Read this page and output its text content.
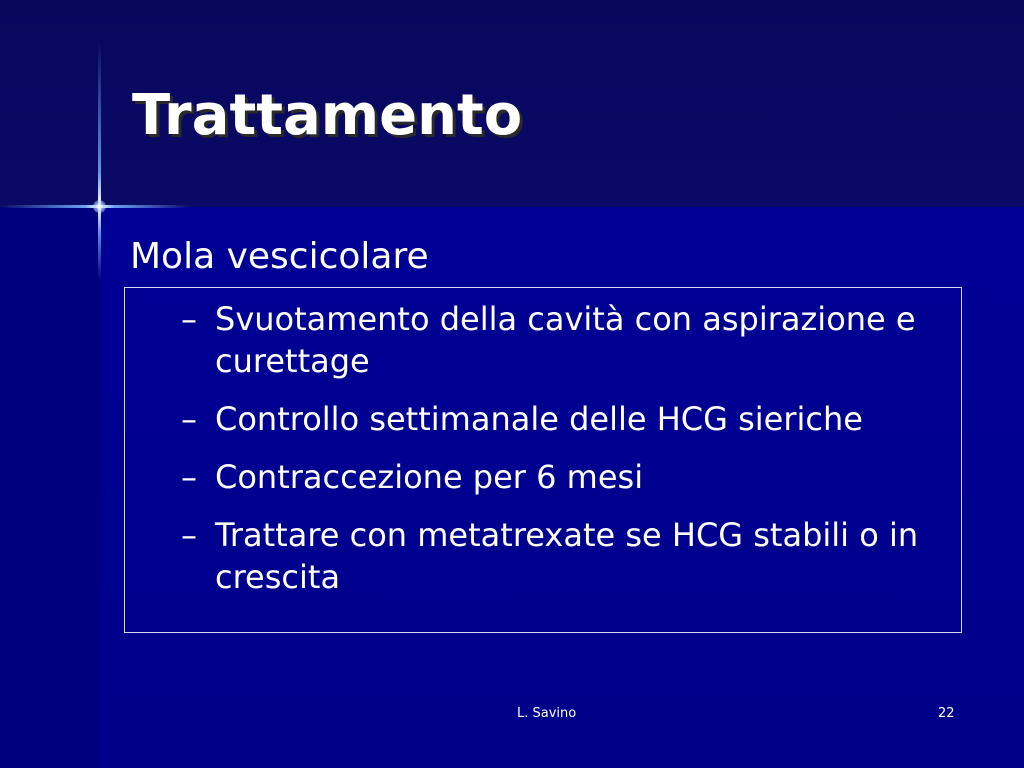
Trattamento

Mola vescicolare

– Svuotamento della cavità con aspirazione e curettage
– Controllo settimanale delle HCG sieriche
– Contraccezione per 6 mesi
– Trattare con metatrexate se HCG stabili o in crescita
L. Savino	22
